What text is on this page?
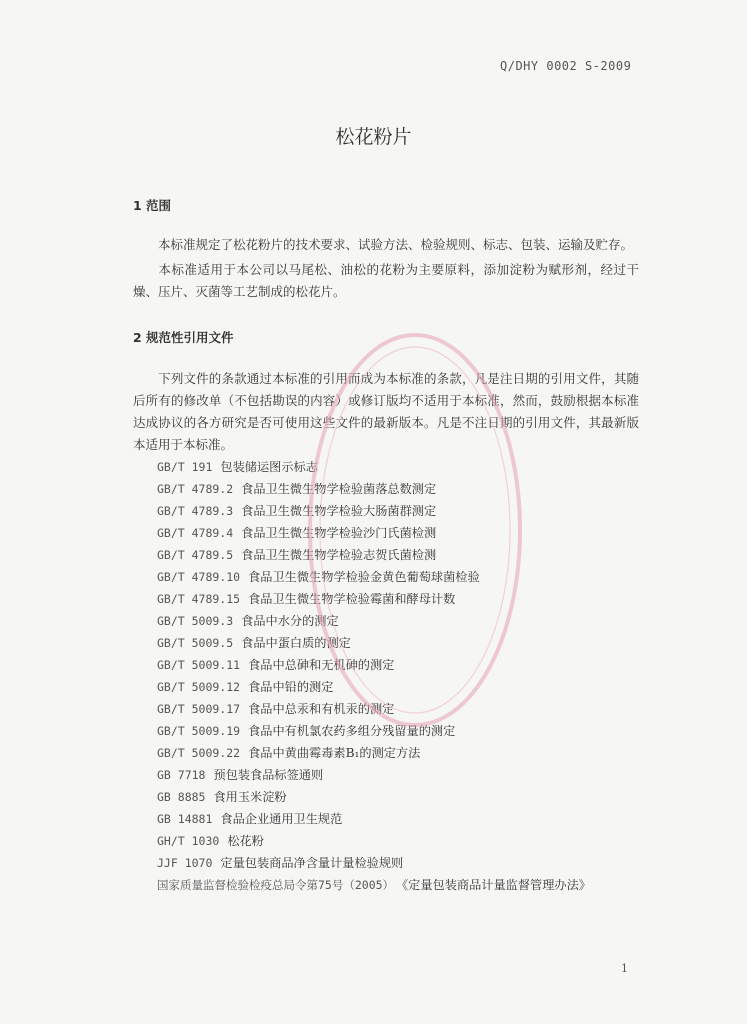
Q/DHY 0002 S-2009
松花粉片
1 范围

本标准规定了松花粉片的技术要求、试验方法、检验规则、标志、包装、运输及贮存。

本标准适用于本公司以马尾松、油松的花粉为主要原料，添加淀粉为赋形剂，经过干燥、压片、灭菌等工艺制成的松花片。

2 规范性引用文件

下列文件的条款通过本标准的引用而成为本标准的条款，凡是注日期的引用文件，其随后所有的修改单（不包括勘误的内容）或修订版均不适用于本标准，然而，鼓励根据本标准达成协议的各方研究是否可使用这些文件的最新版本。凡是不注日期的引用文件，其最新版本适用于本标准。

GB/T 191 包装储运图示标志
GB/T 4789.2 食品卫生微生物学检验菌落总数测定
GB/T 4789.3 食品卫生微生物学检验大肠菌群测定
GB/T 4789.4 食品卫生微生物学检验沙门氏菌检测
GB/T 4789.5 食品卫生微生物学检验志贺氏菌检测
GB/T 4789.10 食品卫生微生物学检验金黄色葡萄球菌检验
GB/T 4789.15 食品卫生微生物学检验霉菌和酵母计数
GB/T 5009.3 食品中水分的测定
GB/T 5009.5 食品中蛋白质的测定
GB/T 5009.11 食品中总砷和无机砷的测定
GB/T 5009.12 食品中铅的测定
GB/T 5009.17 食品中总汞和有机汞的测定
GB/T 5009.19 食品中有机氯农药多组分残留量的测定
GB/T 5009.22 食品中黄曲霉毒素B₁的测定方法
GB 7718 预包装食品标签通则
GB 8885 食用玉米淀粉
GB 14881 食品企业通用卫生规范
GH/T 1030 松花粉
JJF 1070 定量包装商品净含量计量检验规则
国家质量监督检验检疫总局令第75号（2005） 《定量包装商品计量监督管理办法》
1
